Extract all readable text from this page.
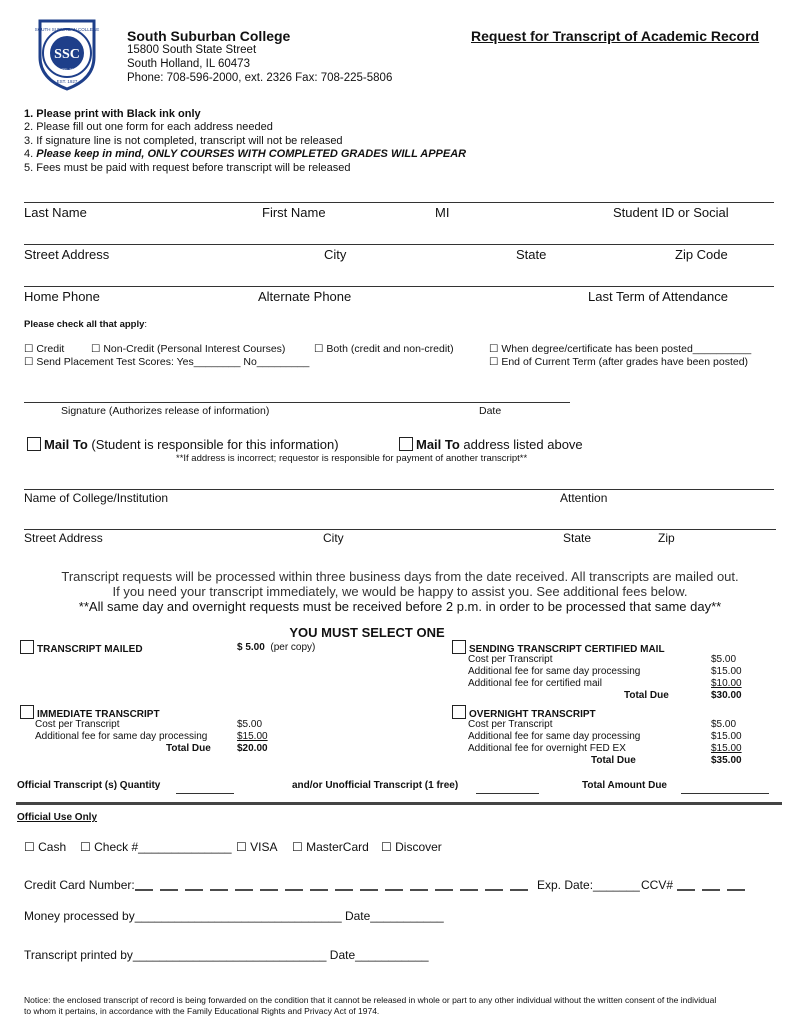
SSC
SOUTH SUBURBAN COLLEGE
EST. 1927
EXCEL 2027
South Suburban College
15800 South State Street
South Holland, IL 60473
Phone: 708-596-2000, ext. 2326 Fax: 708-225-5806
Request for Transcript of Academic Record
1. Please print with Black ink only
2. Please fill out one form for each address needed
3. If signature line is not completed, transcript will not be released
4. Please keep in mind, ONLY COURSES WITH COMPLETED GRADES WILL APPEAR
5. Fees must be paid with request before transcript will be released
Last Name	First Name	MI	Student ID or Social
Street Address	City	State	Zip Code
Home Phone	Alternate Phone	Last Term of Attendance
Please check all that apply:
☐ Credit	☐ Non-Credit (Personal Interest Courses)	☐ Both (credit and non-credit)	☐ When degree/certificate has been posted__________
☐ Send Placement Test Scores: Yes________ No_________	☐ End of Current Term (after grades have been posted)
Signature (Authorizes release of information)	Date
Mail To (Student is responsible for this information)	Mail To address listed above
**If address is incorrect; requestor is responsible for payment of another transcript**
Name of College/Institution	Attention
Street Address	City	State	Zip
Transcript requests will be processed within three business days from the date received. All transcripts are mailed out.
If you need your transcript immediately, we would be happy to assist you. See additional fees below.
**All same day and overnight requests must be received before 2 p.m. in order to be processed that same day**
YOU MUST SELECT ONE
TRANSCRIPT MAILED	$ 5.00 (per copy)	SENDING TRANSCRIPT CERTIFIED MAIL
Cost per Transcript	$5.00
Additional fee for same day processing	$15.00
Additional fee for certified mail	$10.00
Total Due	$30.00
IMMEDIATE TRANSCRIPT
Cost per Transcript	$5.00
Additional fee for same day processing	$15.00
Total Due	$20.00
OVERNIGHT TRANSCRIPT
Cost per Transcript	$5.00
Additional fee for same day processing	$15.00
Additional fee for overnight FED EX	$15.00
Total Due	$35.00
Official Transcript (s) Quantity	and/or Unofficial Transcript (1 free)	Total Amount Due
Official Use Only
☐ Cash ☐ Check #______________ ☐ VISA ☐ MasterCard ☐ Discover
Credit Card Number:	Exp. Date:_______ CCV#
Money processed by_______________________________ Date___________
Transcript printed by_____________________________ Date___________
Notice: the enclosed transcript of record is being forwarded on the condition that it cannot be released in whole or part to any other individual without the written consent of the individual
to whom it pertains, in accordance with the Family Educational Rights and Privacy Act of 1974.
